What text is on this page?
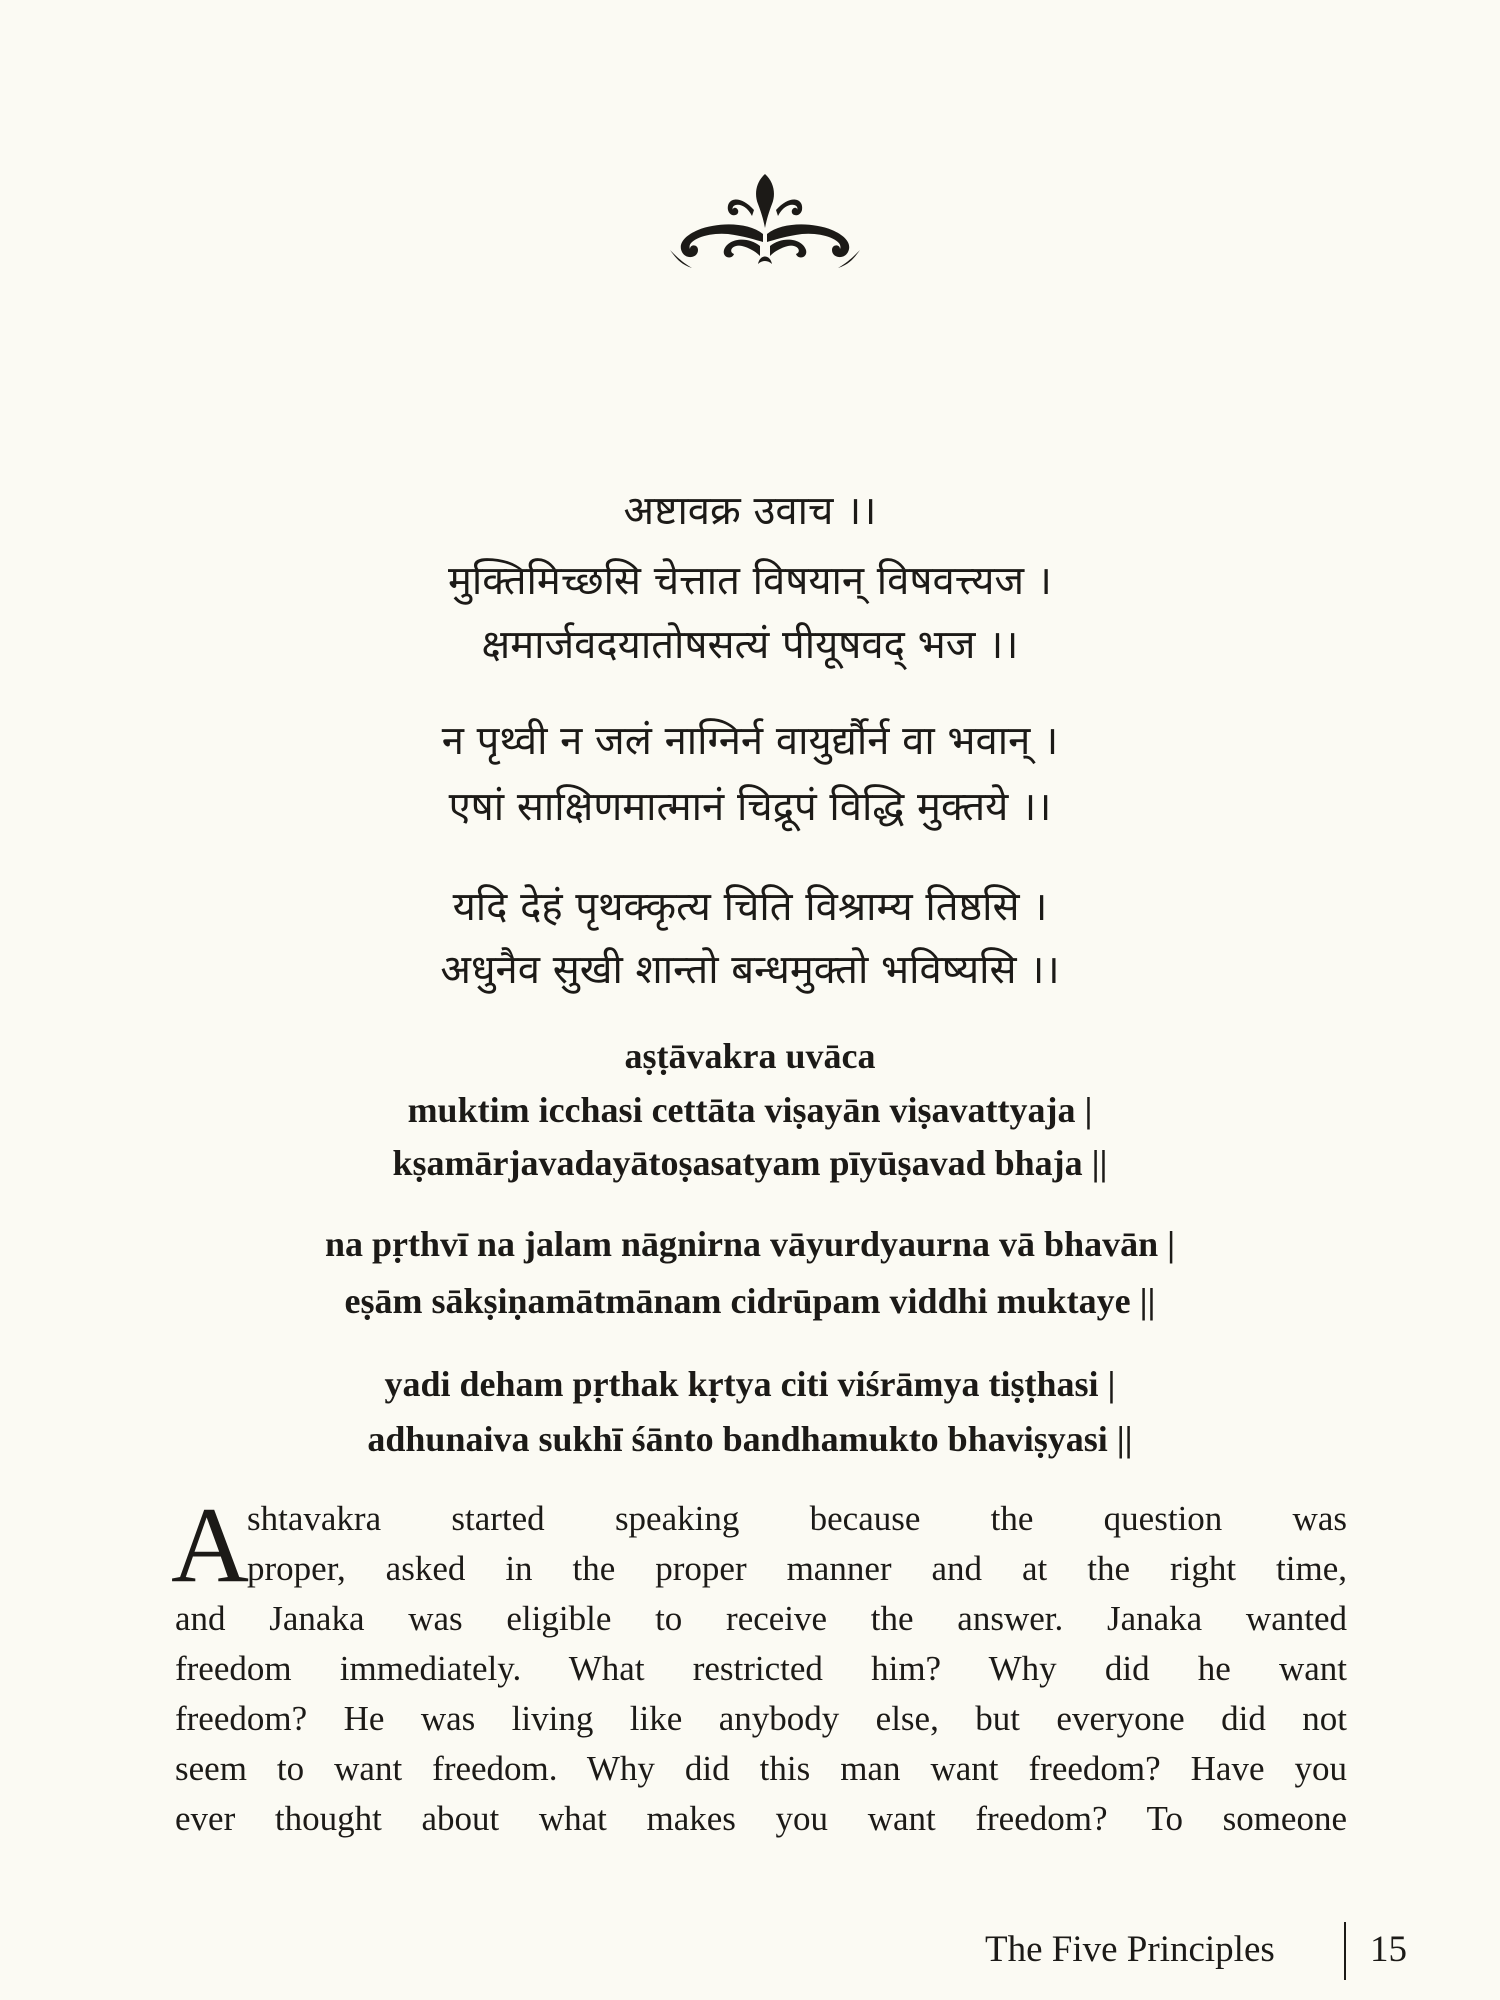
अष्टावक्र उवाच ।।
मुक्तिमिच्छसि चेत्तात विषयान् विषवत्त्यज ।
क्षमार्जवदयातोषसत्यं पीयूषवद् भज ।।
न पृथ्वी न जलं नाग्निर्न वायुर्द्यौर्न वा भवान् ।
एषां साक्षिणमात्मानं चिद्रूपं विद्धि मुक्तये ।।
यदि देहं पृथक्कृत्य चिति विश्राम्य तिष्ठसि ।
अधुनैव सुखी शान्तो बन्धमुक्तो भविष्यसि ।।
aṣṭāvakra uvāca
muktim icchasi cettāta viṣayān viṣavattyaja |
kṣamārjavadayātoṣasatyam pīyūṣavad bhaja ||
na pṛthvī na jalam nāgnirna vāyurdyaurna vā bhavān |
eṣām sākṣiṇamātmānam cidrūpam viddhi muktaye ||
yadi deham pṛthak kṛtya citi viśrāmya tiṣṭhasi |
adhunaiva sukhī śānto bandhamukto bhaviṣyasi ||
A
shtavakra started speaking because the question was
proper, asked in the proper manner and at the right time,
and Janaka was eligible to receive the answer. Janaka wanted
freedom immediately. What restricted him? Why did he want
freedom? He was living like anybody else, but everyone did not
seem to want freedom. Why did this man want freedom? Have you
ever thought about what makes you want freedom? To someone
The Five Principles	15
